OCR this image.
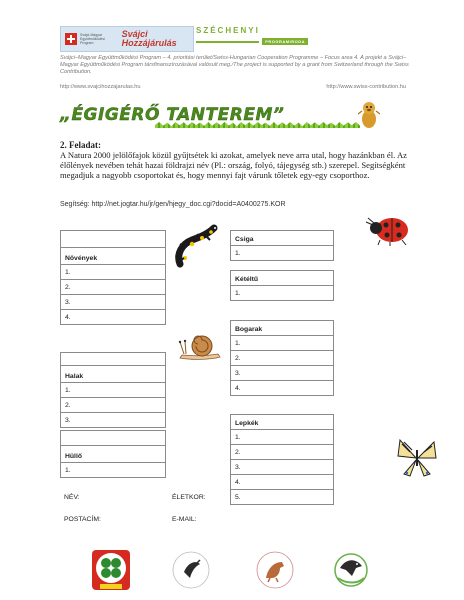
Svájci-Magyar Együttműködési Program
Svájci Hozzájárulás
SZÉCHENYI
PROGRAMIRODA
Svájci–Magyar Együttműködési Program – 4. prioritási terület/Swiss-Hungarian Cooperation Programme – Focus area 4. A projekt a Svájci–Magyar Együttműködési Program társfinanszírozásával valósult meg./The project is supported by a grant from Switzerland through the Swiss Contribution.
http://www.svajcihozzajarulas.hu	http://www.swiss-contribution.hu
„ÉGIGÉRŐ TANTEREM”
2. Feladat:
A Natura 2000 jelölőfajok közül gyűjtsétek ki azokat, amelyek neve arra utal, hogy hazánkban él. Az élőlények nevében tehát hazai földrajzi név (Pl.: ország, folyó, tájegység stb.) szerepel. Segítségként megadjuk a nagyobb csoportokat és, hogy mennyi fajt várunk tőletek egy-egy csoporthoz.
Segítség: http://net.jogtar.hu/jr/gen/hjegy_doc.cgi?docid=A0400275.KOR

Növények
1.
2.
3.
4.

Halak
1.
2.
3.

Hüllő
1.
Csiga
1.
Kétéltű
1.
Bogarak
1.
2.
3.
4.
Lepkék
1.
2.
3.
4.
5.
NÉV:	ÉLETKOR:
POSTACÍM:	E-MAIL:
